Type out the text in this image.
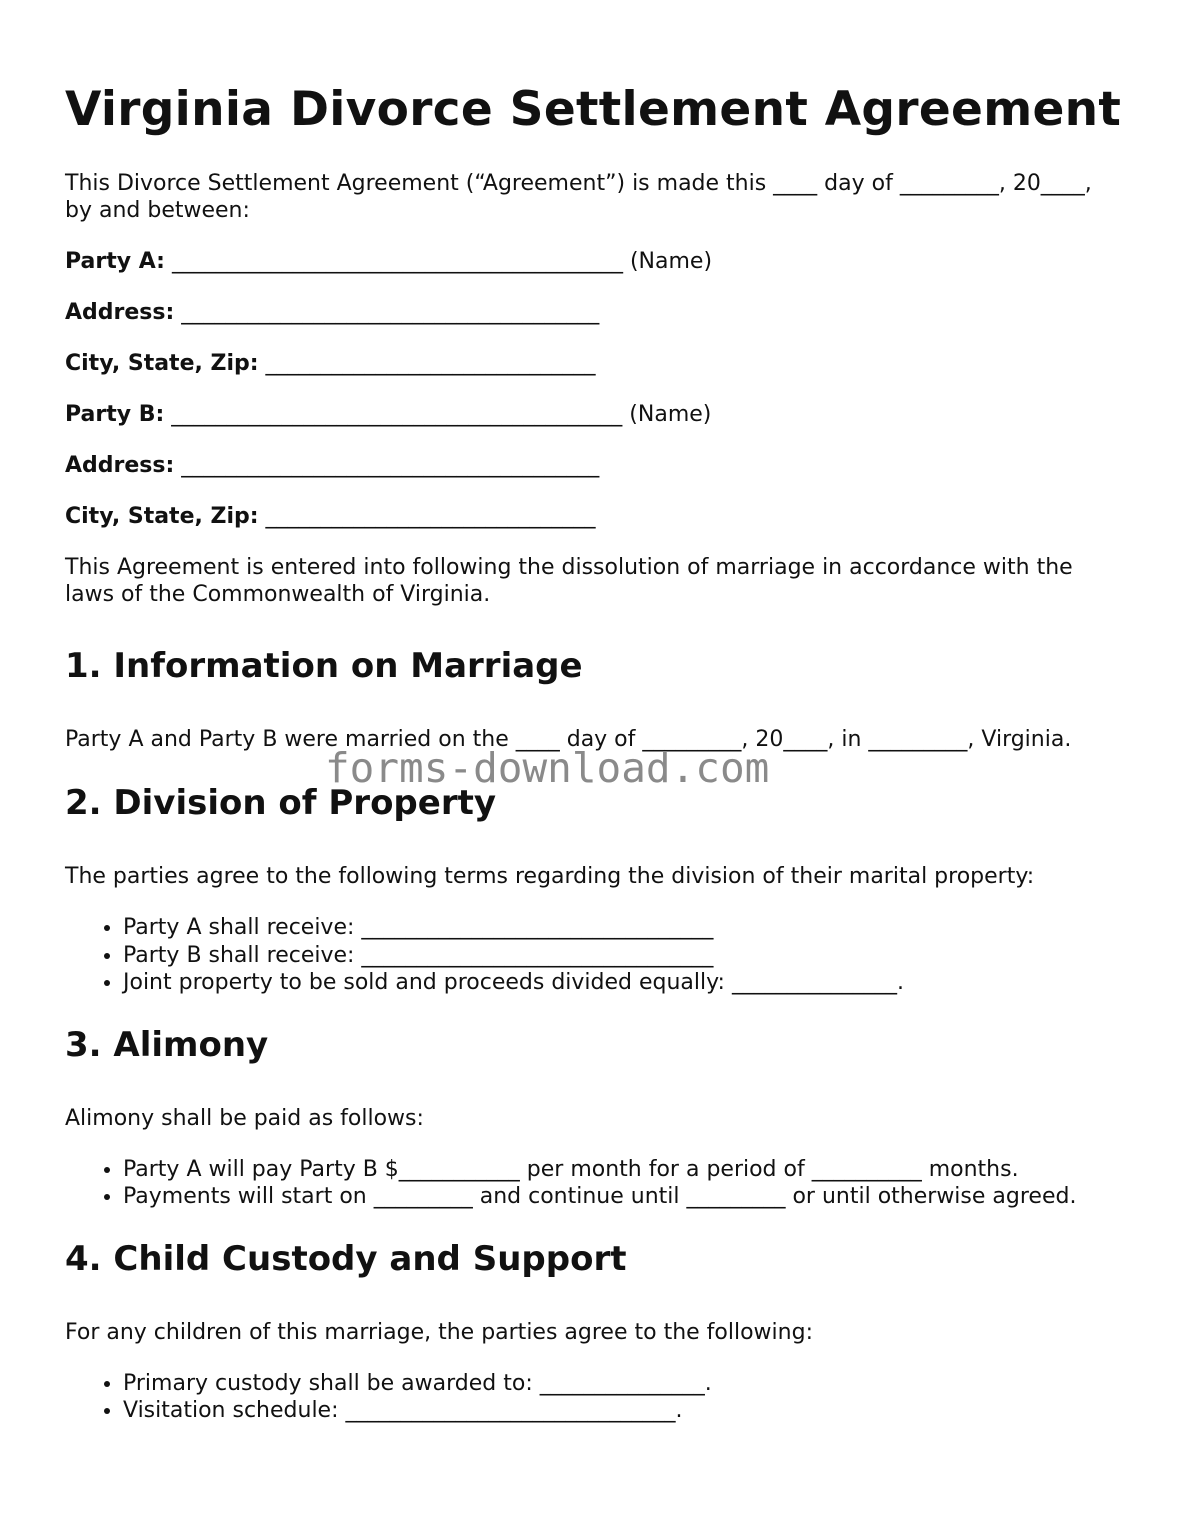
Virginia Divorce Settlement Agreement

This Divorce Settlement Agreement (“Agreement”) is made this ____ day of _________, 20____, by and between:

Party A: _________________________________________ (Name)
Address: ______________________________________
City, State, Zip: ______________________________
Party B: _________________________________________ (Name)
Address: ______________________________________
City, State, Zip: ______________________________

This Agreement is entered into following the dissolution of marriage in accordance with the laws of the Commonwealth of Virginia.

1. Information on Marriage

Party A and Party B were married on the ____ day of _________, 20____, in _________, Virginia.

2. Division of Property

The parties agree to the following terms regarding the division of their marital property:

• Party A shall receive: ________________________________
• Party B shall receive: ________________________________
• Joint property to be sold and proceeds divided equally: _______________.
3. Alimony

Alimony shall be paid as follows:

• Party A will pay Party B $___________ per month for a period of __________ months.
• Payments will start on _________ and continue until _________ or until otherwise agreed.
4. Child Custody and Support

For any children of this marriage, the parties agree to the following:

• Primary custody shall be awarded to: _______________.
• Visitation schedule: ______________________________.
forms-download.com
